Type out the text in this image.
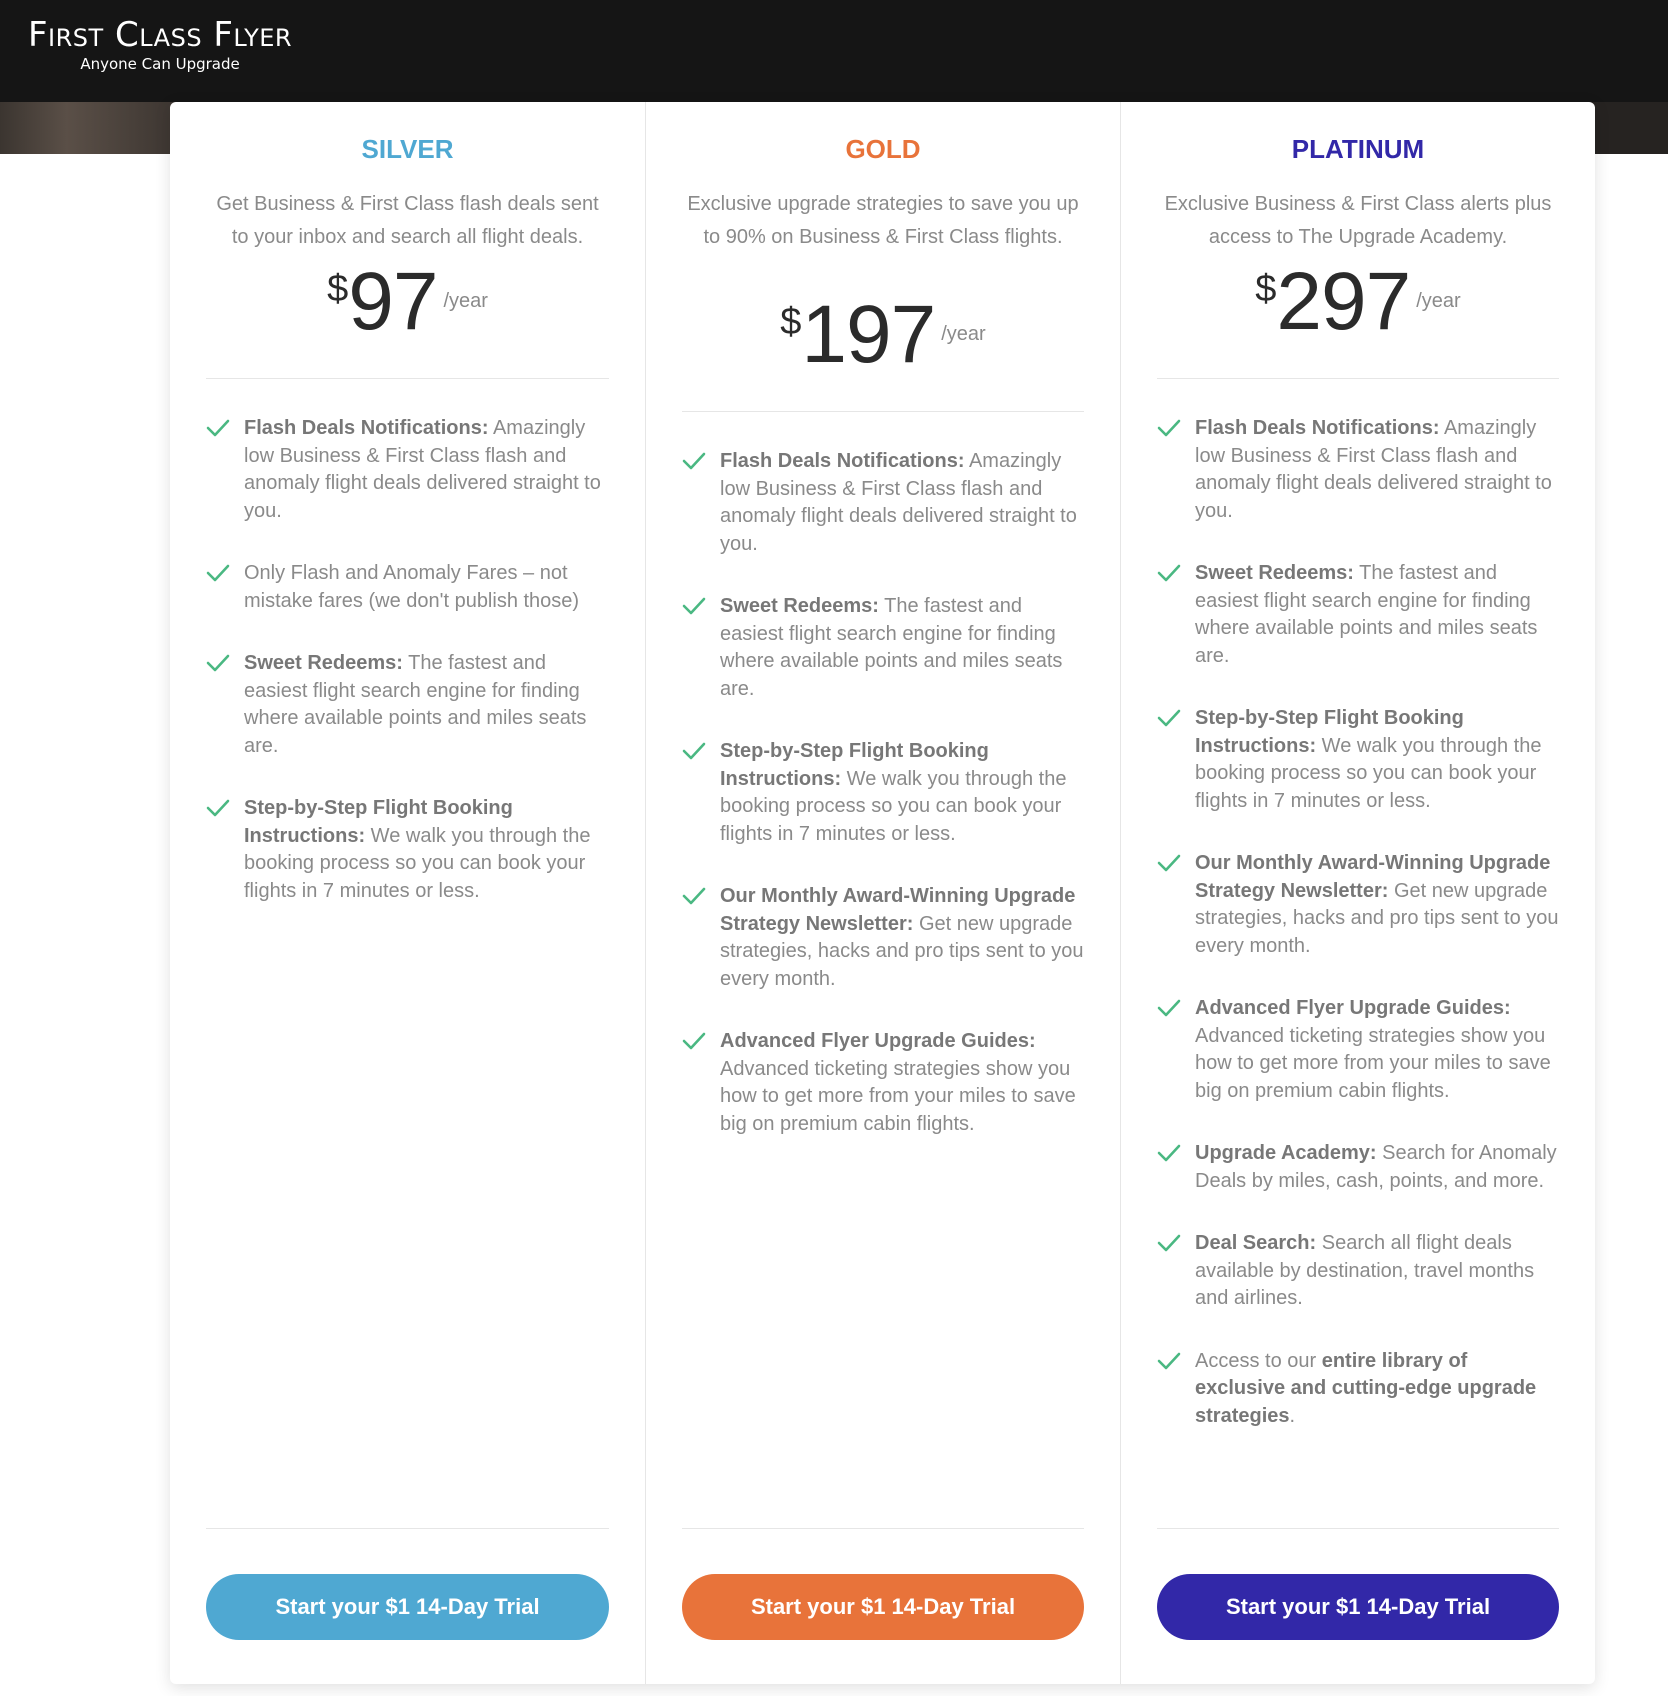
First Class Flyer
Anyone Can Upgrade
SILVER
Get Business & First Class flash deals sent to your inbox and search all flight deals.
$97 /year
Flash Deals Notifications: Amazingly low Business & First Class flash and anomaly flight deals delivered straight to you.
Only Flash and Anomaly Fares – not mistake fares (we don't publish those)
Sweet Redeems: The fastest and easiest flight search engine for finding where available points and miles seats are.
Step-by-Step Flight Booking Instructions: We walk you through the booking process so you can book your flights in 7 minutes or less.
Start your $1 14-Day Trial
GOLD
Exclusive upgrade strategies to save you up to 90% on Business & First Class flights.
$197 /year
Flash Deals Notifications: Amazingly low Business & First Class flash and anomaly flight deals delivered straight to you.
Sweet Redeems: The fastest and easiest flight search engine for finding where available points and miles seats are.
Step-by-Step Flight Booking Instructions: We walk you through the booking process so you can book your flights in 7 minutes or less.
Our Monthly Award-Winning Upgrade Strategy Newsletter: Get new upgrade strategies, hacks and pro tips sent to you every month.
Advanced Flyer Upgrade Guides: Advanced ticketing strategies show you how to get more from your miles to save big on premium cabin flights.
Start your $1 14-Day Trial
PLATINUM
Exclusive Business & First Class alerts plus access to The Upgrade Academy.
$297 /year
Flash Deals Notifications: Amazingly low Business & First Class flash and anomaly flight deals delivered straight to you.
Sweet Redeems: The fastest and easiest flight search engine for finding where available points and miles seats are.
Step-by-Step Flight Booking Instructions: We walk you through the booking process so you can book your flights in 7 minutes or less.
Our Monthly Award-Winning Upgrade Strategy Newsletter: Get new upgrade strategies, hacks and pro tips sent to you every month.
Advanced Flyer Upgrade Guides: Advanced ticketing strategies show you how to get more from your miles to save big on premium cabin flights.
Upgrade Academy: Search for Anomaly Deals by miles, cash, points, and more.
Deal Search: Search all flight deals available by destination, travel months and airlines.
Access to our entire library of exclusive and cutting-edge upgrade strategies.
Start your $1 14-Day Trial
